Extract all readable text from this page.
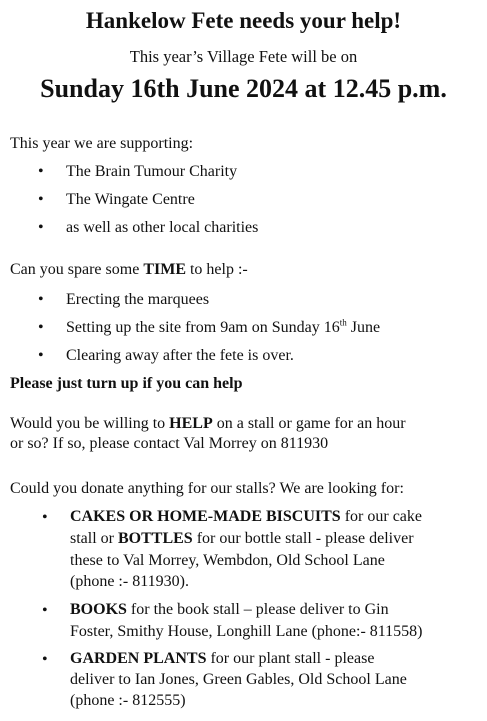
Hankelow Fete needs your help!
This year’s Village Fete will be on
Sunday 16th June 2024 at 12.45 p.m.
This year we are supporting:
• The Brain Tumour Charity
• The Wingate Centre
• as well as other local charities
Can you spare some TIME to help :-
• Erecting the marquees
• Setting up the site from 9am on Sunday 16th June
• Clearing away after the fete is over.
Please just turn up if you can help
Would you be willing to HELP on a stall or game for an hour
or so? If so, please contact Val Morrey on 811930
Could you donate anything for our stalls? We are looking for:
• CAKES OR HOME-MADE BISCUITS for our cake
stall or BOTTLES for our bottle stall - please deliver
these to Val Morrey, Wembdon, Old School Lane
(phone :- 811930).
• BOOKS for the book stall – please deliver to Gin
Foster, Smithy House, Longhill Lane (phone:- 811558)
• GARDEN PLANTS for our plant stall - please
deliver to Ian Jones, Green Gables, Old School Lane
(phone :- 812555)
